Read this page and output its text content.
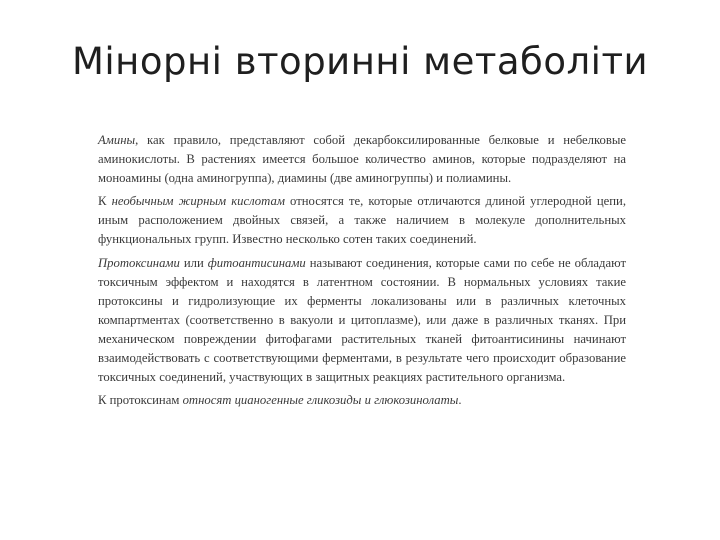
Мінорні вторинні метаболіти

Амины, как правило, представляют собой декарбоксилированные белковые и небелковые аминокислоты. В растениях имеется большое количество аминов, которые подразделяют на моноамины (одна аминогруппа), диамины (две аминогруппы) и полиамины.

К необычным жирным кислотам относятся те, которые отличаются длиной углеродной цепи, иным расположением двойных связей, а также наличием в молекуле дополнительных функциональных групп. Известно несколько сотен таких соединений.

Протоксинами или фитоантисинами называют соединения, которые сами по себе не обладают токсичным эффектом и находятся в латентном состоянии. В нормальных условиях такие протоксины и гидролизующие их ферменты локализованы или в различных клеточных компартментах (соответственно в вакуоли и цитоплазме), или даже в различных тканях. При механическом повреждении фитофагами растительных тканей фитоантисинины начинают взаимодействовать с соответствующими ферментами, в результате чего происходит образование токсичных соединений, участвующих в защитных реакциях растительного организма.

К протоксинам относят цианогенные гликозиды и глюкозинолаты.
